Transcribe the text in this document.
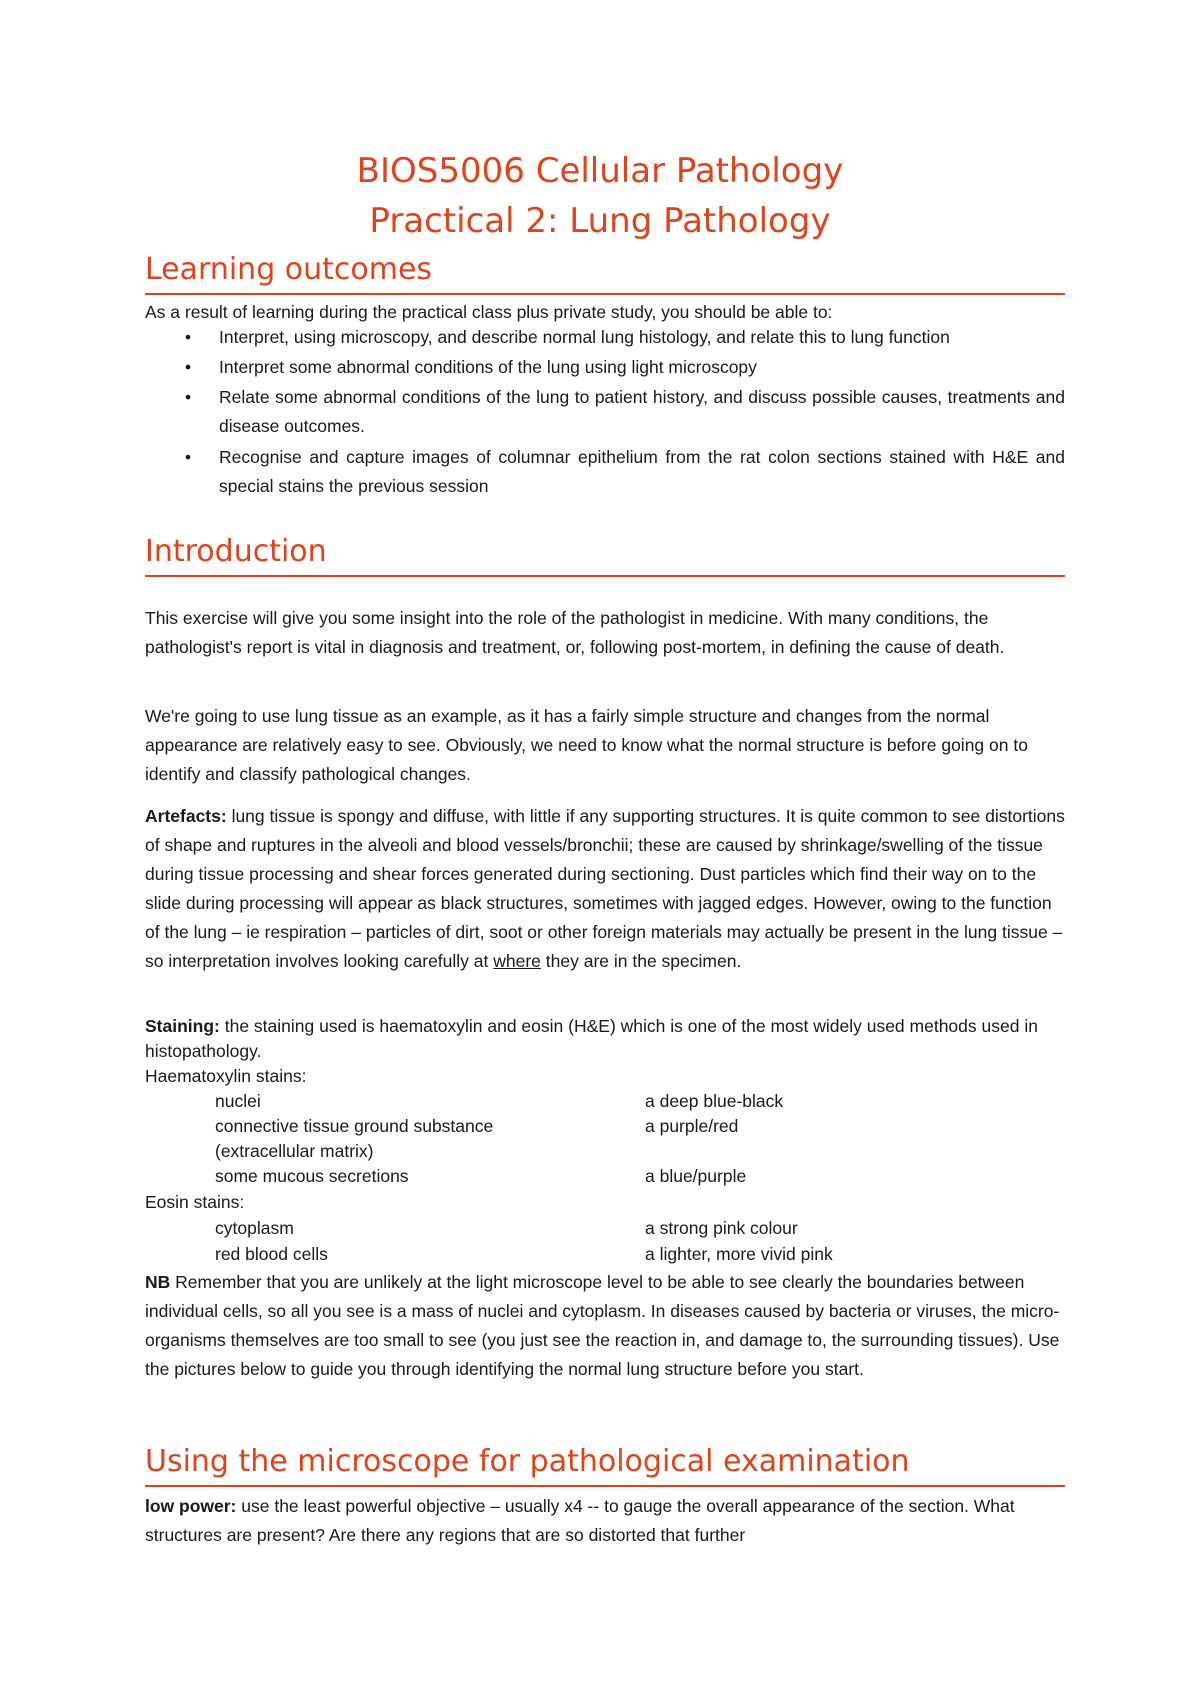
BIOS5006 Cellular Pathology
Practical 2: Lung Pathology
Learning outcomes

As a result of learning during the practical class plus private study, you should be able to:

• Interpret, using microscopy, and describe normal lung histology, and relate this to lung function
• Interpret some abnormal conditions of the lung using light microscopy
• Relate some abnormal conditions of the lung to patient history, and discuss possible causes, treatments and disease outcomes.
• Recognise and capture images of columnar epithelium from the rat colon sections stained with H&E and special stains the previous session
Introduction

This exercise will give you some insight into the role of the pathologist in medicine. With many conditions, the pathologist's report is vital in diagnosis and treatment, or, following post-mortem, in defining the cause of death.

We're going to use lung tissue as an example, as it has a fairly simple structure and changes from the normal appearance are relatively easy to see. Obviously, we need to know what the normal structure is before going on to identify and classify pathological changes.

Artefacts: lung tissue is spongy and diffuse, with little if any supporting structures. It is quite common to see distortions of shape and ruptures in the alveoli and blood vessels/bronchii; these are caused by shrinkage/swelling of the tissue during tissue processing and shear forces generated during sectioning. Dust particles which find their way on to the slide during processing will appear as black structures, sometimes with jagged edges. However, owing to the function of the lung – ie respiration – particles of dirt, soot or other foreign materials may actually be present in the lung tissue – so interpretation involves looking carefully at where they are in the specimen.

Staining: the staining used is haematoxylin and eosin (H&E) which is one of the most widely used methods used in histopathology.

Haematoxylin stains:
nuclei	a deep blue-black
connective tissue ground substance	a purple/red
(extracellular matrix)
some mucous secretions	a blue/purple
Eosin stains:
cytoplasm	a strong pink colour
red blood cells	a lighter, more vivid pink

NB Remember that you are unlikely at the light microscope level to be able to see clearly the boundaries between individual cells, so all you see is a mass of nuclei and cytoplasm. In diseases caused by bacteria or viruses, the micro-organisms themselves are too small to see (you just see the reaction in, and damage to, the surrounding tissues). Use the pictures below to guide you through identifying the normal lung structure before you start.

Using the microscope for pathological examination

low power: use the least powerful objective – usually x4 -- to gauge the overall appearance of the section. What structures are present? Are there any regions that are so distorted that further
